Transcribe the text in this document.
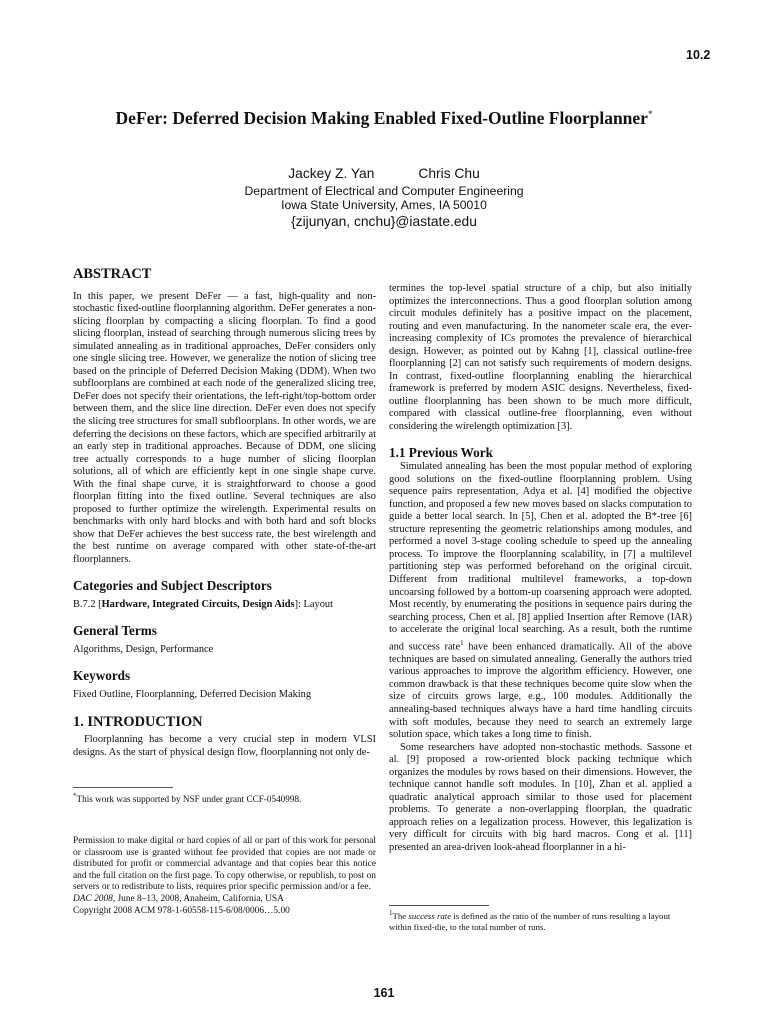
10.2
DeFer: Deferred Decision Making Enabled Fixed-Outline Floorplanner*
Jackey Z. Yan	Chris Chu
Department of Electrical and Computer Engineering
Iowa State University, Ames, IA 50010
{zijunyan, cnchu}@iastate.edu
ABSTRACT

In this paper, we present DeFer — a fast, high-quality and non-stochastic fixed-outline floorplanning algorithm. DeFer generates a non-slicing floorplan by compacting a slicing floorplan. To find a good slicing floorplan, instead of searching through numerous slicing trees by simulated annealing as in traditional approaches, DeFer considers only one single slicing tree. However, we generalize the notion of slicing tree based on the principle of Deferred Decision Making (DDM). When two subfloorplans are combined at each node of the generalized slicing tree, DeFer does not specify their orientations, the left-right/top-bottom order between them, and the slice line direction. DeFer even does not specify the slicing tree structures for small subfloorplans. In other words, we are deferring the decisions on these factors, which are specified arbitrarily at an early step in traditional approaches. Because of DDM, one slicing tree actually corresponds to a huge number of slicing floorplan solutions, all of which are efficiently kept in one single shape curve. With the final shape curve, it is straightforward to choose a good floorplan fitting into the fixed outline. Several techniques are also proposed to further optimize the wirelength. Experimental results on benchmarks with only hard blocks and with both hard and soft blocks show that DeFer achieves the best success rate, the best wirelength and the best runtime on average compared with other state-of-the-art floorplanners.

Categories and Subject Descriptors

B.7.2 [Hardware, Integrated Circuits, Design Aids]: Layout

General Terms

Algorithms, Design, Performance

Keywords

Fixed Outline, Floorplanning, Deferred Decision Making

1. INTRODUCTION

Floorplanning has become a very crucial step in modern VLSI designs. As the start of physical design flow, floorplanning not only de-

*This work was supported by NSF under grant CCF-0540998.
Permission to make digital or hard copies of all or part of this work for personal or classroom use is granted without fee provided that copies are not made or distributed for profit or commercial advantage and that copies bear this notice and the full citation on the first page. To copy otherwise, or republish, to post on servers or to redistribute to lists, requires prior specific permission and/or a fee.
DAC 2008, June 8–13, 2008, Anaheim, California, USA
Copyright 2008 ACM 978-1-60558-115-6/08/0006…5.00

termines the top-level spatial structure of a chip, but also initially optimizes the interconnections. Thus a good floorplan solution among circuit modules definitely has a positive impact on the placement, routing and even manufacturing. In the nanometer scale era, the ever-increasing complexity of ICs promotes the prevalence of hierarchical design. However, as pointed out by Kahng [1], classical outline-free floorplanning [2] can not satisfy such requirements of modern designs. In contrast, fixed-outline floorplanning enabling the hierarchical framework is preferred by modern ASIC designs. Nevertheless, fixed-outline floorplanning has been shown to be much more difficult, compared with classical outline-free floorplanning, even without considering the wirelength optimization [3].

1.1 Previous Work

Simulated annealing has been the most popular method of exploring good solutions on the fixed-outline floorplanning problem. Using sequence pairs representation, Adya et al. [4] modified the objective function, and proposed a few new moves based on slacks computation to guide a better local search. In [5], Chen et al. adopted the B*-tree [6] structure representing the geometric relationships among modules, and performed a novel 3-stage cooling schedule to speed up the annealing process. To improve the floorplanning scalability, in [7] a multilevel partitioning step was performed beforehand on the original circuit. Different from traditional multilevel frameworks, a top-down uncoarsing followed by a bottom-up coarsening approach were adopted. Most recently, by enumerating the positions in sequence pairs during the searching process, Chen et al. [8] applied Insertion after Remove (IAR) to accelerate the original local searching. As a result, both the runtime and success rate$^1$ have been enhanced dramatically. All of the above techniques are based on simulated annealing. Generally the authors tried various approaches to improve the algorithm efficiency. However, one common drawback is that these techniques become quite slow when the size of circuits grows large, e.g., 100 modules. Additionally the annealing-based techniques always have a hard time handling circuits with soft modules, because they need to search an extremely large solution space, which takes a long time to finish.

Some researchers have adopted non-stochastic methods. Sassone et al. [9] proposed a row-oriented block packing technique which organizes the modules by rows based on their dimensions. However, the technique cannot handle soft modules. In [10], Zhan et al. applied a quadratic analytical approach similar to those used for placement problems. To generate a non-overlapping floorplan, the quadratic approach relies on a legalization process. However, this legalization is very difficult for circuits with big hard macros. Cong et al. [11] presented an area-driven look-ahead floorplanner in a hi-

$^1$The success rate is defined as the ratio of the number of runs resulting a layout within fixed-die, to the total number of runs.
161
